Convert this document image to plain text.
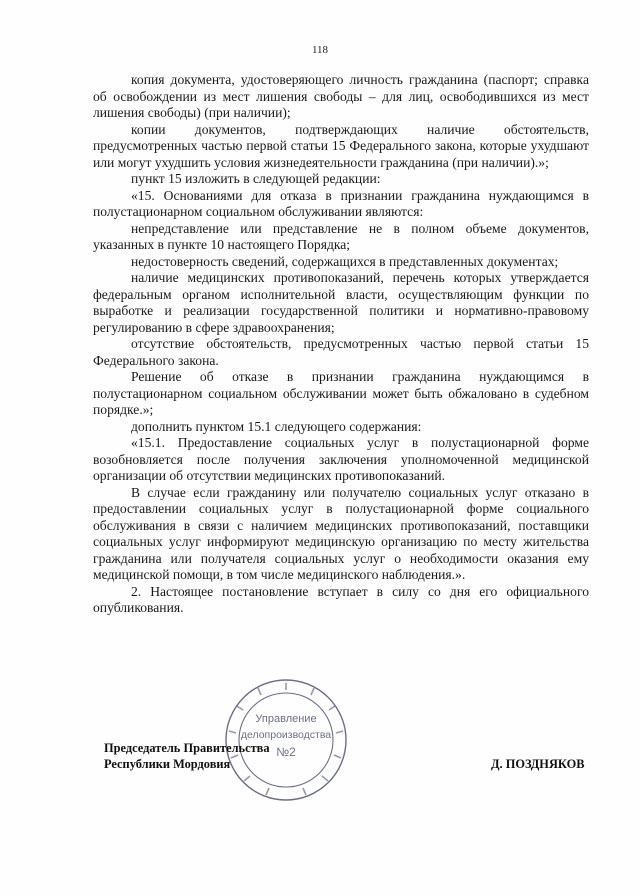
118

копия документа, удостоверяющего личность гражданина (паспорт; справка об освобождении из мест лишения свободы – для лиц, освободившихся из мест лишения свободы) (при наличии);

копии документов, подтверждающих наличие обстоятельств, предусмотренных частью первой статьи 15 Федерального закона, которые ухудшают или могут ухудшить условия жизнедеятельности гражданина (при наличии).»;

пункт 15 изложить в следующей редакции:

«15. Основаниями для отказа в признании гражданина нуждающимся в полустационарном социальном обслуживании являются:

непредставление или представление не в полном объеме документов, указанных в пункте 10 настоящего Порядка;

недостоверность сведений, содержащихся в представленных документах;

наличие медицинских противопоказаний, перечень которых утверждается федеральным органом исполнительной власти, осуществляющим функции по выработке и реализации государственной политики и нормативно-правовому регулированию в сфере здравоохранения;

отсутствие обстоятельств, предусмотренных частью первой статьи 15 Федерального закона.

Решение об отказе в признании гражданина нуждающимся в полустационарном социальном обслуживании может быть обжаловано в судебном порядке.»;

дополнить пунктом 15.1 следующего содержания:

«15.1. Предоставление социальных услуг в полустационарной форме возобновляется после получения заключения уполномоченной медицинской организации об отсутствии медицинских противопоказаний.

В случае если гражданину или получателю социальных услуг отказано в предоставлении социальных услуг в полустационарной форме социального обслуживания в связи с наличием медицинских противопоказаний, поставщики социальных услуг информируют медицинскую организацию по месту жительства гражданина или получателя социальных услуг о необходимости оказания ему медицинской помощи, в том числе медицинского наблюдения.».

2. Настоящее постановление вступает в силу со дня его официального опубликования.

Управление
делопроизводства
№2
Председатель Правительства
Республики Мордовия	Д. ПОЗДНЯКОВ
